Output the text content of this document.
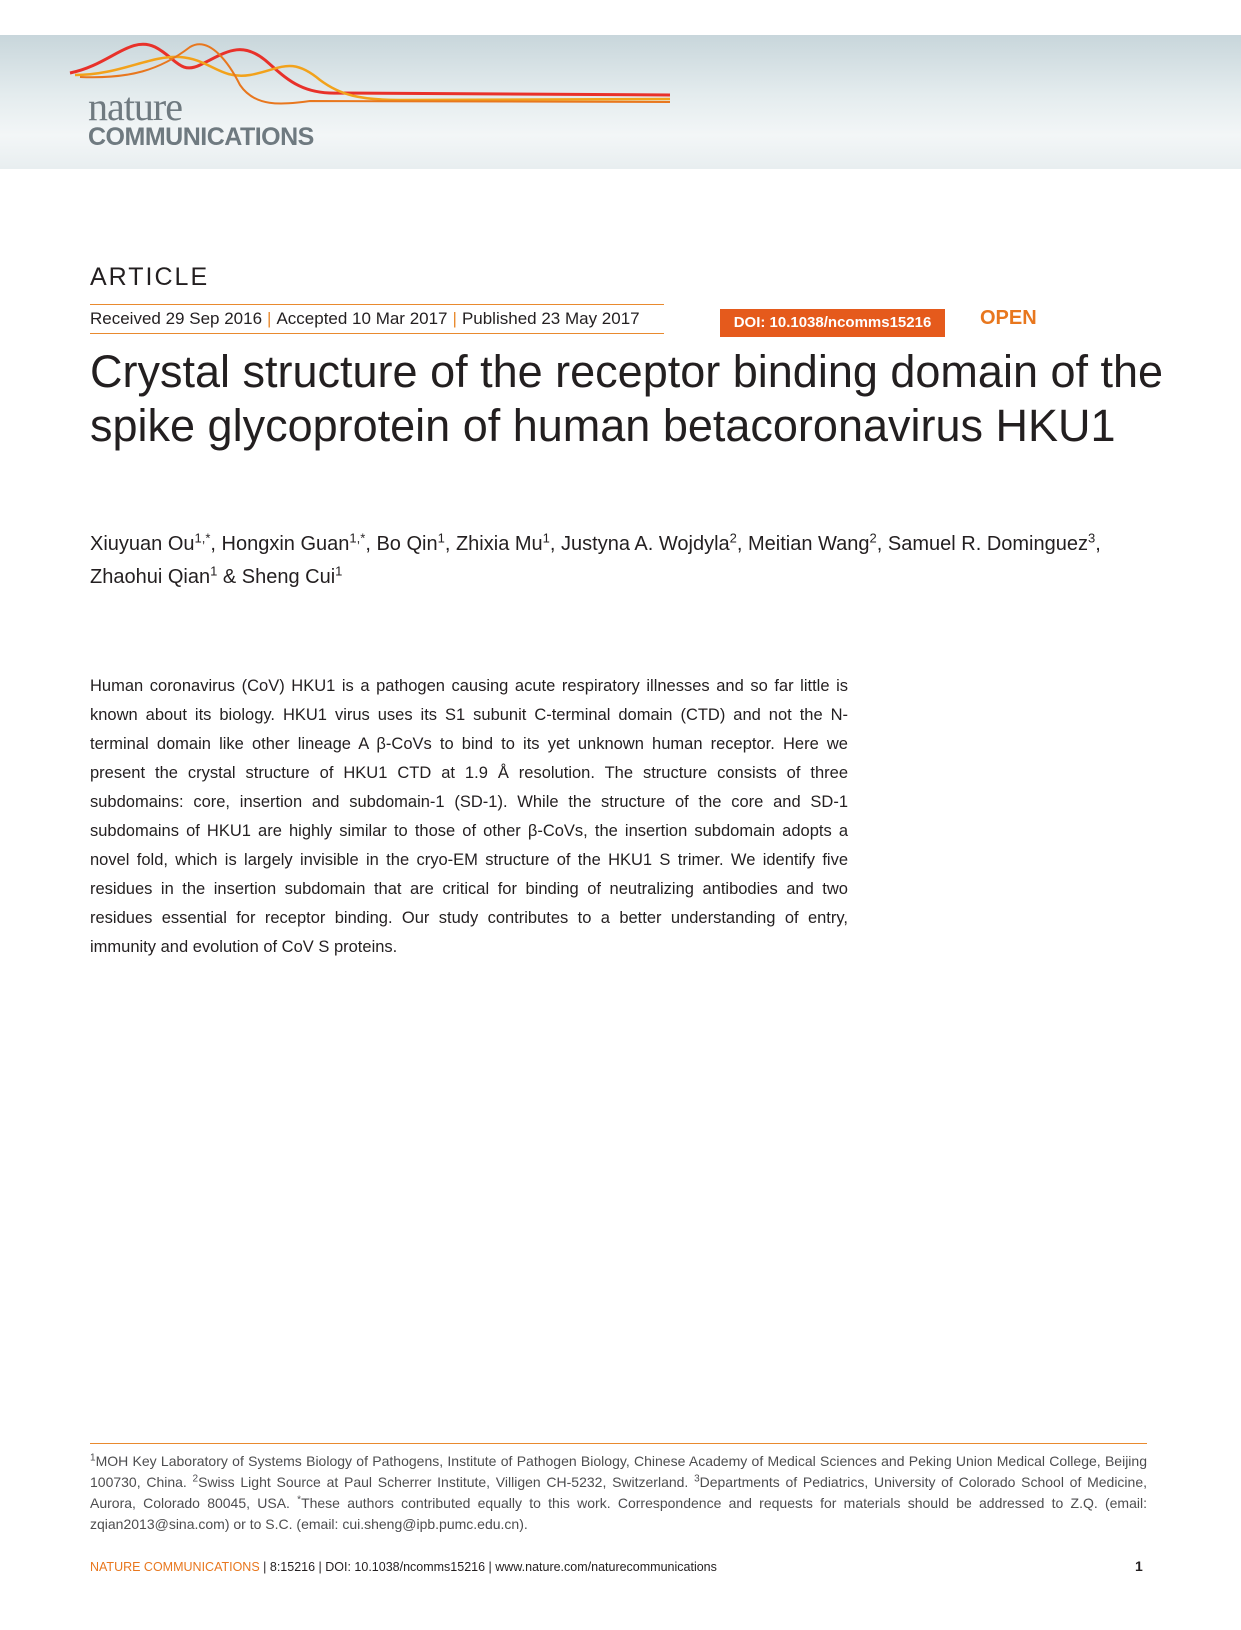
nature
COMMUNICATIONS
ARTICLE
Received 29 Sep 2016 | Accepted 10 Mar 2017 | Published 23 May 2017	DOI: 10.1038/ncomms15216	OPEN
Crystal structure of the receptor binding domain of the spike glycoprotein of human betacoronavirus HKU1
Xiuyuan $Ou^{1,*}$, Hongxin Guan$^{1,*}$, Bo Qin$^1$, Zhixia Mu$^1$, Justyna A. Wojdyla$^2$, Meitian Wang$^2$, Samuel R. Dominguez$^3$, Zhaohui Qian$^1$ & Sheng Cui$^1$

Human coronavirus (CoV) HKU1 is a pathogen causing acute respiratory illnesses and so far little is known about its biology. HKU1 virus uses its S1 subunit C-terminal domain (CTD) and not the N-terminal domain like other lineage A β-CoVs to bind to its yet unknown human receptor. Here we present the crystal structure of HKU1 CTD at 1.9 Å resolution. The structure consists of three subdomains: core, insertion and subdomain-1 (SD-1). While the structure of the core and SD-1 subdomains of HKU1 are highly similar to those of other β-CoVs, the insertion subdomain adopts a novel fold, which is largely invisible in the cryo-EM structure of the HKU1 S trimer. We identify five residues in the insertion subdomain that are critical for binding of neutralizing antibodies and two residues essential for receptor binding. Our study contributes to a better understanding of entry, immunity and evolution of CoV S proteins.

$^1$MOH Key Laboratory of Systems Biology of Pathogens, Institute of Pathogen Biology, Chinese Academy of Medical Sciences and Peking Union Medical College, Beijing 100730, China. $^2$Swiss Light Source at Paul Scherrer Institute, Villigen CH-5232, Switzerland. $^3$Departments of Pediatrics, University of Colorado School of Medicine, Aurora, Colorado 80045, USA. *These authors contributed equally to this work. Correspondence and requests for materials should be addressed to Z.Q. (email: zqian2013@sina.com) or to S.C. (email: cui.sheng@ipb.pumc.edu.cn).

NATURE COMMUNICATIONS | 8:15216 | DOI: 10.1038/ncomms15216 | www.nature.com/naturecommunications	1
